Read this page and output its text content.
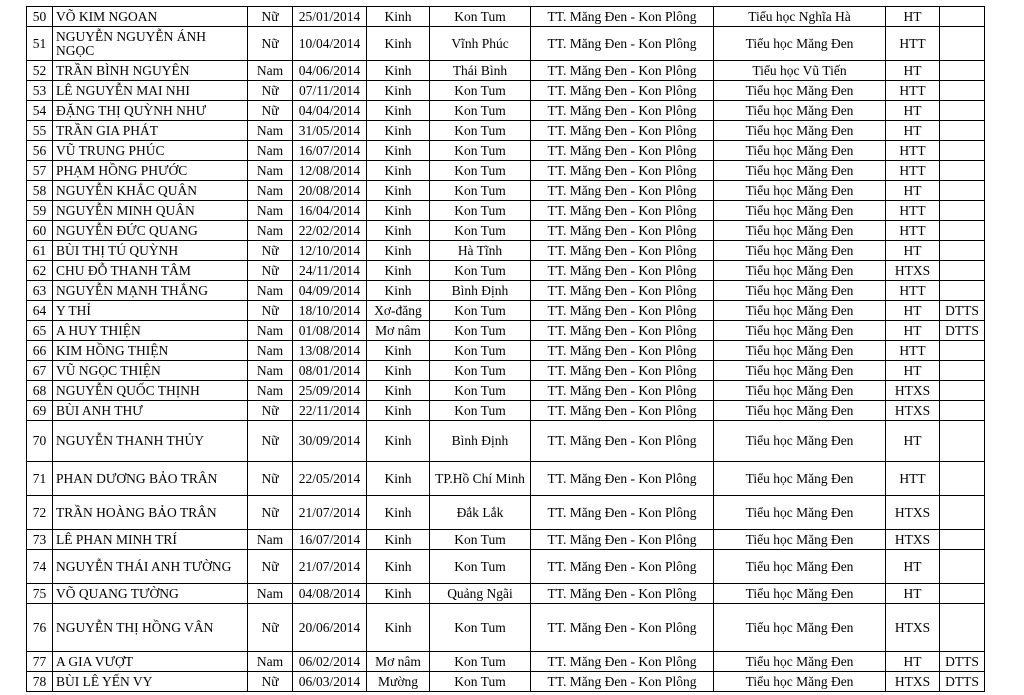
50	VÕ KIM NGOAN	Nữ	25/01/2014	Kinh	Kon Tum	TT. Măng Đen - Kon Plông	Tiểu học Nghĩa Hà	HT	
51	NGUYỄN NGUYỄN ÁNH NGỌC	Nữ	10/04/2014	Kinh	Vĩnh Phúc	TT. Măng Đen - Kon Plông	Tiểu học Măng Đen	HTT	
52	TRẦN BÌNH NGUYÊN	Nam	04/06/2014	Kinh	Thái Bình	TT. Măng Đen - Kon Plông	Tiểu học Vũ Tiến	HT	
53	LÊ NGUYỄN MAI NHI	Nữ	07/11/2014	Kinh	Kon Tum	TT. Măng Đen - Kon Plông	Tiểu học Măng Đen	HTT	
54	ĐẶNG THỊ QUỲNH NHƯ	Nữ	04/04/2014	Kinh	Kon Tum	TT. Măng Đen - Kon Plông	Tiểu học Măng Đen	HT	
55	TRẦN GIA PHÁT	Nam	31/05/2014	Kinh	Kon Tum	TT. Măng Đen - Kon Plông	Tiểu học Măng Đen	HT	
56	VŨ TRUNG PHÚC	Nam	16/07/2014	Kinh	Kon Tum	TT. Măng Đen - Kon Plông	Tiểu học Măng Đen	HTT	
57	PHẠM HỒNG PHƯỚC	Nam	12/08/2014	Kinh	Kon Tum	TT. Măng Đen - Kon Plông	Tiểu học Măng Đen	HTT	
58	NGUYỄN KHẮC QUÂN	Nam	20/08/2014	Kinh	Kon Tum	TT. Măng Đen - Kon Plông	Tiểu học Măng Đen	HT	
59	NGUYỄN MINH QUÂN	Nam	16/04/2014	Kinh	Kon Tum	TT. Măng Đen - Kon Plông	Tiểu học Măng Đen	HTT	
60	NGUYỄN ĐỨC QUANG	Nam	22/02/2014	Kinh	Kon Tum	TT. Măng Đen - Kon Plông	Tiểu học Măng Đen	HTT	
61	BÙI THỊ TÚ QUỲNH	Nữ	12/10/2014	Kinh	Hà Tĩnh	TT. Măng Đen - Kon Plông	Tiểu học Măng Đen	HT	
62	CHU ĐỖ THANH TÂM	Nữ	24/11/2014	Kinh	Kon Tum	TT. Măng Đen - Kon Plông	Tiểu học Măng Đen	HTXS	
63	NGUYỄN MẠNH THẮNG	Nam	04/09/2014	Kinh	Bình Định	TT. Măng Đen - Kon Plông	Tiểu học Măng Đen	HTT	
64	Y THỈ	Nữ	18/10/2014	Xơ-đăng	Kon Tum	TT. Măng Đen - Kon Plông	Tiểu học Măng Đen	HT	DTTS
65	A HUY THIỆN	Nam	01/08/2014	Mơ nâm	Kon Tum	TT. Măng Đen - Kon Plông	Tiểu học Măng Đen	HT	DTTS
66	KIM HỒNG THIỆN	Nam	13/08/2014	Kinh	Kon Tum	TT. Măng Đen - Kon Plông	Tiểu học Măng Đen	HTT	
67	VŨ NGỌC THIỆN	Nam	08/01/2014	Kinh	Kon Tum	TT. Măng Đen - Kon Plông	Tiểu học Măng Đen	HT	
68	NGUYỄN QUỐC THỊNH	Nam	25/09/2014	Kinh	Kon Tum	TT. Măng Đen - Kon Plông	Tiểu học Măng Đen	HTXS	
69	BÙI ANH THƯ	Nữ	22/11/2014	Kinh	Kon Tum	TT. Măng Đen - Kon Plông	Tiểu học Măng Đen	HTXS	
70	NGUYỄN THANH THỦY	Nữ	30/09/2014	Kinh	Bình Định	TT. Măng Đen - Kon Plông	Tiểu học Măng Đen	HT	
71	PHAN DƯƠNG BẢO TRÂN	Nữ	22/05/2014	Kinh	TP.Hồ Chí Minh	TT. Măng Đen - Kon Plông	Tiểu học Măng Đen	HTT	
72	TRẦN HOÀNG BẢO TRÂN	Nữ	21/07/2014	Kinh	Đắk Lắk	TT. Măng Đen - Kon Plông	Tiểu học Măng Đen	HTXS	
73	LÊ PHAN MINH TRÍ	Nam	16/07/2014	Kinh	Kon Tum	TT. Măng Đen - Kon Plông	Tiểu học Măng Đen	HTXS	
74	NGUYỄN THÁI ANH TƯỜNG	Nữ	21/07/2014	Kinh	Kon Tum	TT. Măng Đen - Kon Plông	Tiểu học Măng Đen	HT	
75	VÕ QUANG TƯỜNG	Nam	04/08/2014	Kinh	Quảng Ngãi	TT. Măng Đen - Kon Plông	Tiểu học Măng Đen	HT	
76	NGUYỄN THỊ HỒNG VÂN	Nữ	20/06/2014	Kinh	Kon Tum	TT. Măng Đen - Kon Plông	Tiểu học Măng Đen	HTXS	
77	A GIA VƯỢT	Nam	06/02/2014	Mơ nâm	Kon Tum	TT. Măng Đen - Kon Plông	Tiểu học Măng Đen	HT	DTTS
78	BÙI LÊ YẾN VY	Nữ	06/03/2014	Mường	Kon Tum	TT. Măng Đen - Kon Plông	Tiểu học Măng Đen	HTXS	DTTS
